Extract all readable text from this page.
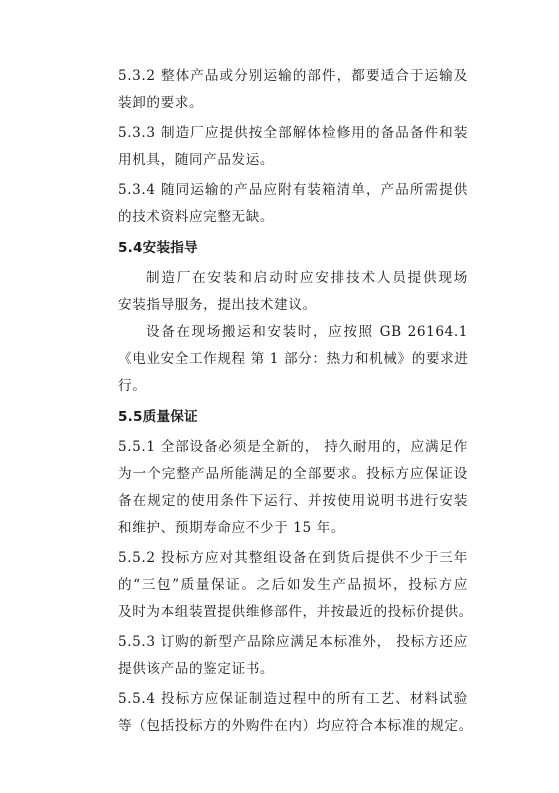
5.3.2 整体产品或分别运输的部件，都要适合于运输及
装卸的要求。
5.3.3 制造厂应提供按全部解体检修用的备品备件和装
用机具，随同产品发运。
5.3.4 随同运输的产品应附有装箱清单，产品所需提供
的技术资料应完整无缺。
5.4安装指导
制造厂在安装和启动时应安排技术人员提供现场
安装指导服务，提出技术建议。
设备在现场搬运和安装时，应按照 GB 26164.1
《电业安全工作规程 第 1 部分：热力和机械》的要求进
行。
5.5质量保证
5.5.1 全部设备必须是全新的， 持久耐用的，应满足作
为一个完整产品所能满足的全部要求。投标方应保证设
备在规定的使用条件下运行、并按使用说明书进行安装
和维护、预期寿命应不少于 15 年。
5.5.2 投标方应对其整组设备在到货后提供不少于三年
的“三包”质量保证。之后如发生产品损坏，投标方应
及时为本组装置提供维修部件，并按最近的投标价提供。
5.5.3 订购的新型产品除应满足本标准外， 投标方还应
提供该产品的鉴定证书。
5.5.4 投标方应保证制造过程中的所有工艺、材料试验
等（包括投标方的外购件在内）均应符合本标准的规定。
